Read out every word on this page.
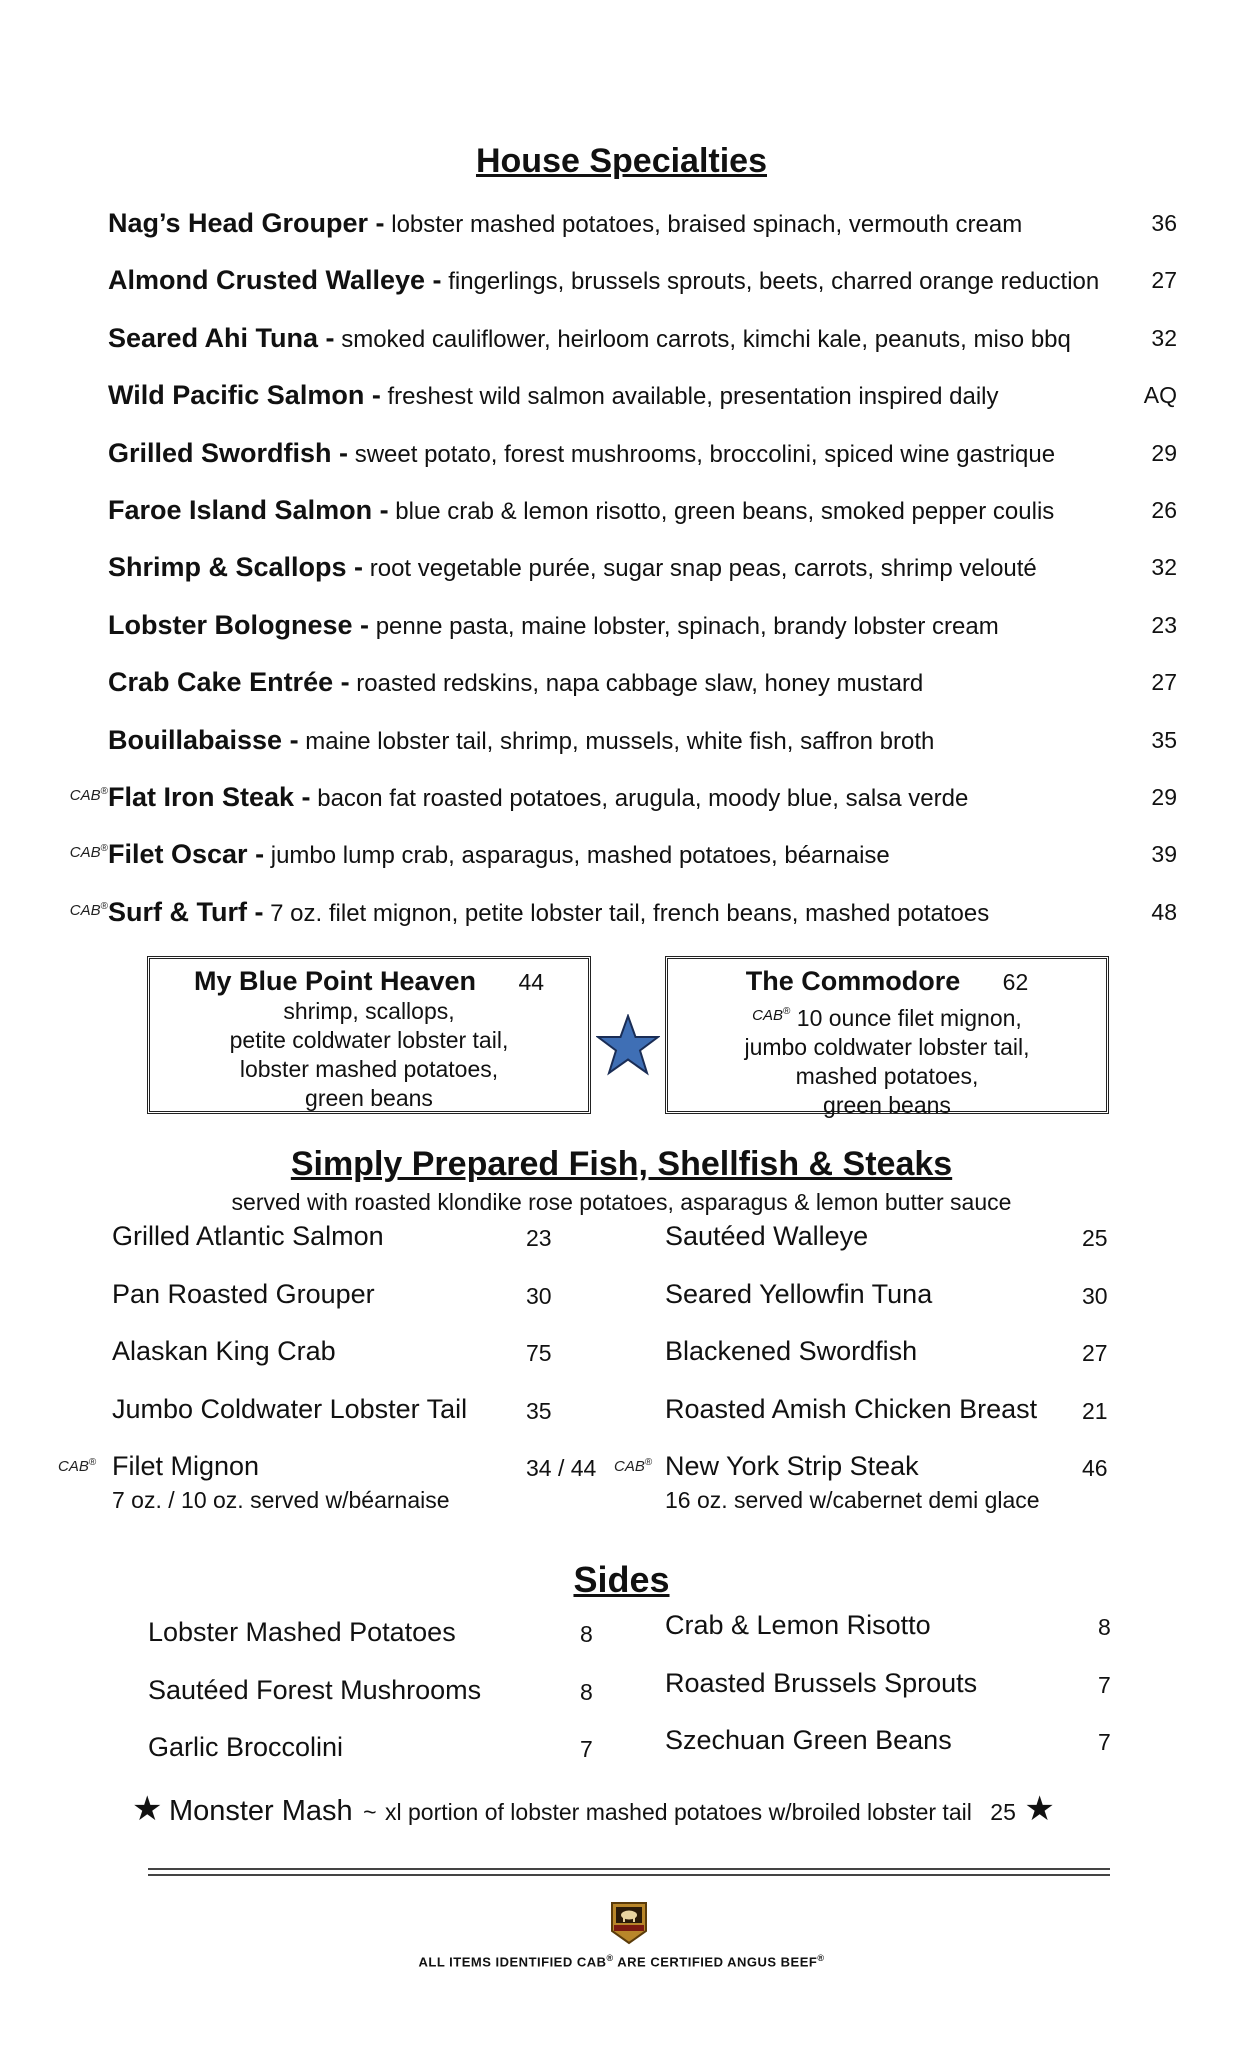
House Specialties
Nag’s Head Grouper - lobster mashed potatoes, braised spinach, vermouth cream	36
Almond Crusted Walleye - fingerlings, brussels sprouts, beets, charred orange reduction 27
Seared Ahi Tuna - smoked cauliflower, heirloom carrots, kimchi kale, peanuts, miso bbq	32
Wild Pacific Salmon - freshest wild salmon available, presentation inspired daily	AQ
Grilled Swordfish - sweet potato, forest mushrooms, broccolini, spiced wine gastrique	29
Faroe Island Salmon - blue crab & lemon risotto, green beans, smoked pepper coulis	26
Shrimp & Scallops - root vegetable purée, sugar snap peas, carrots, shrimp velouté	32
Lobster Bolognese - penne pasta, maine lobster, spinach, brandy lobster cream	23
Crab Cake Entrée - roasted redskins, napa cabbage slaw, honey mustard	27
Bouillabaisse - maine lobster tail, shrimp, mussels, white fish, saffron broth	35
CAB® Flat Iron Steak - bacon fat roasted potatoes, arugula, moody blue, salsa verde	29
CAB® Filet Oscar - jumbo lump crab, asparagus, mashed potatoes, béarnaise	39
CAB® Surf & Turf - 7 oz. filet mignon, petite lobster tail, french beans, mashed potatoes	48
My Blue Point Heaven 44
shrimp, scallops,
petite coldwater lobster tail,
lobster mashed potatoes,
green beans
The Commodore 62
$^{CAB^®}$ 10 ounce filet mignon,
jumbo coldwater lobster tail,
mashed potatoes,
green beans
Simply Prepared Fish, Shellfish & Steaks
served with roasted klondike rose potatoes, asparagus & lemon butter sauce
Grilled Atlantic Salmon	23
Pan Roasted Grouper	30
Alaskan King Crab	75
Jumbo Coldwater Lobster Tail	35
Filet Mignon	34 / 44
CAB®
7 oz. / 10 oz. served w/béarnaise
Sautéed Walleye	25
Seared Yellowfin Tuna	30
Blackened Swordfish	27
Roasted Amish Chicken Breast 21
New York Strip Steak	46
CAB®
16 oz. served w/cabernet demi glace
Sides
Lobster Mashed Potatoes	8
Sautéed Forest Mushrooms	8
Garlic Broccolini	7
Crab & Lemon Risotto	8
Roasted Brussels Sprouts	7
Szechuan Green Beans	7
★ Monster Mash ~ xl portion of lobster mashed potatoes w/broiled lobster tail 25 ★
ALL ITEMS IDENTIFIED CAB® ARE CERTIFIED ANGUS BEEF®
